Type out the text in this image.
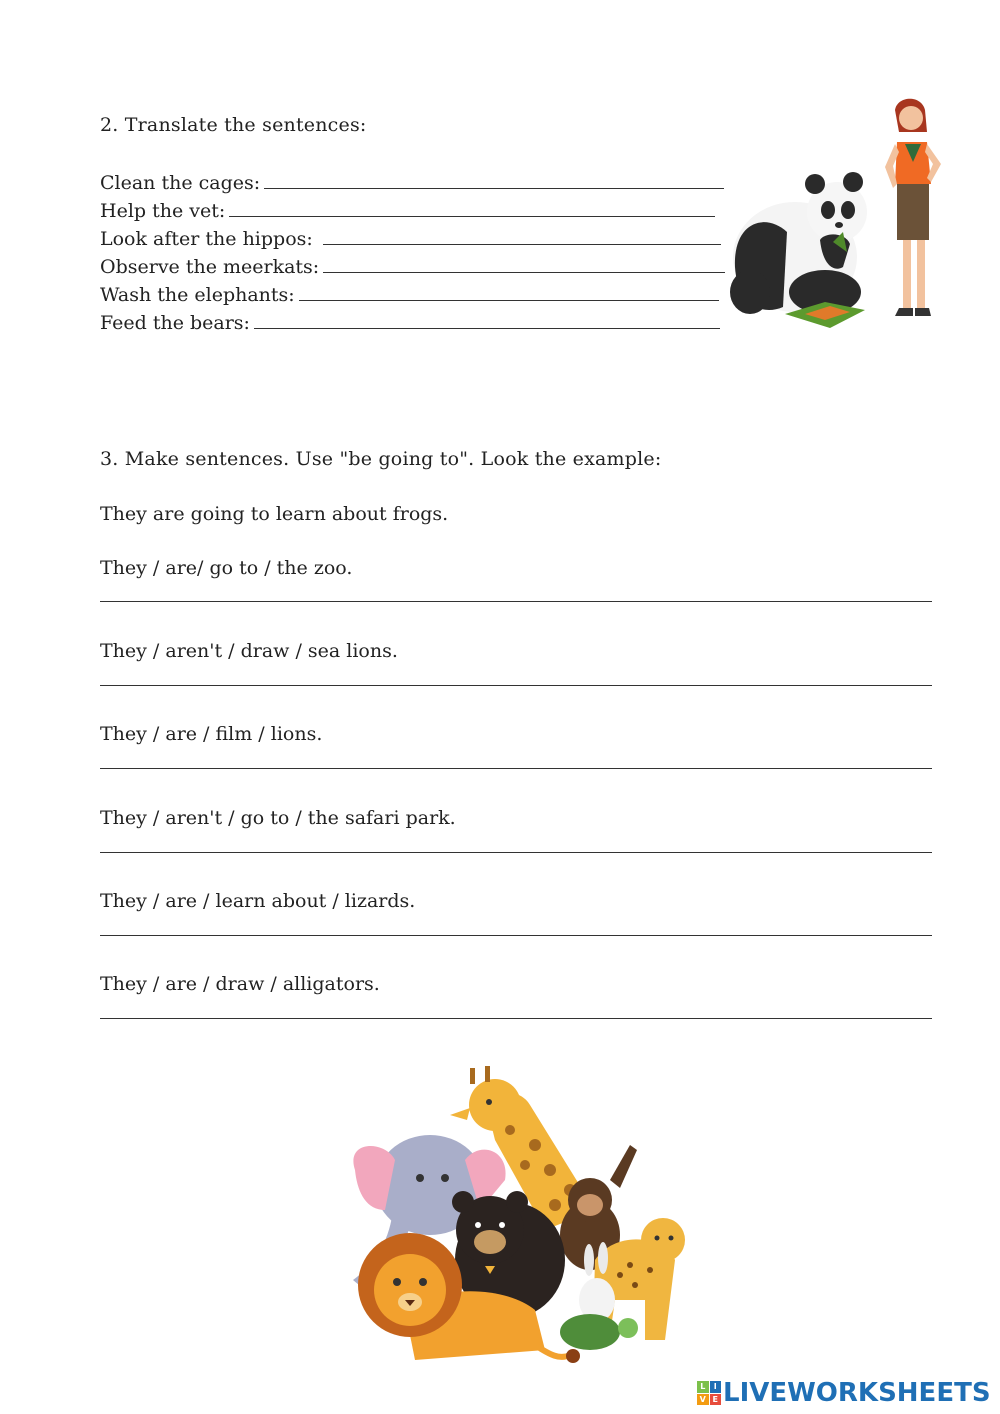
2. Translate the sentences:
Clean the cages:
Help the vet:
Look after the hippos:
Observe the meerkats:
Wash the elephants:
Feed the bears:
3. Make sentences. Use "be going to". Look the example:
They are going to learn about frogs.
They / are/ go to / the zoo.
They / aren't / draw / sea lions.
They / are / film / lions.
They / aren't / go to / the safari park.
They / are / learn about / lizards.
They / are / draw / alligators.
L	I
V E LIVEWORKSHEETS
